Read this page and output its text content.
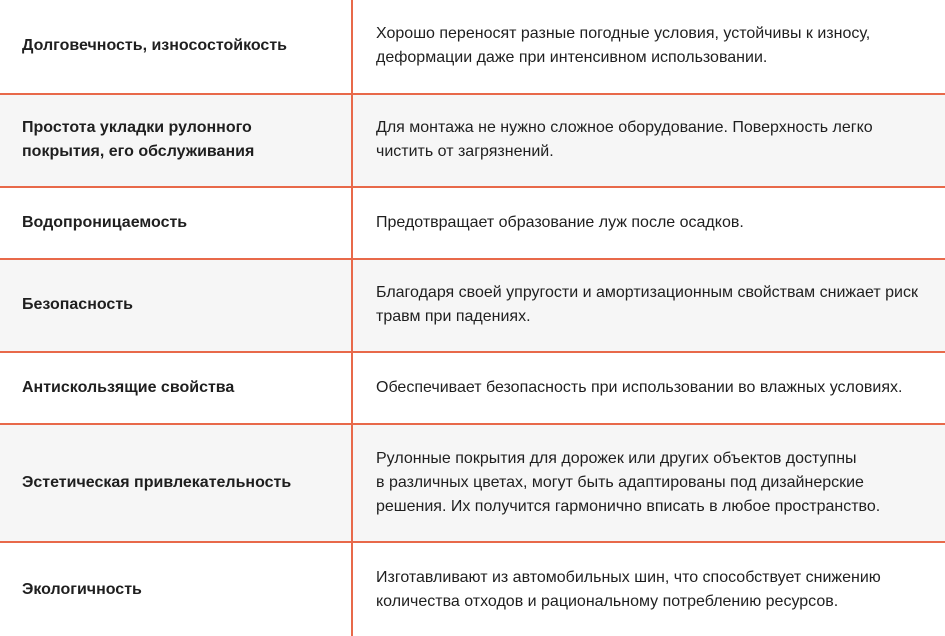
Долговечность, износостойкость	Хорошо переносят разные погодные условия, устойчивы к износу, деформации даже при интенсивном использовании.
Простота укладки рулонного покрытия, его обслуживания	Для монтажа не нужно сложное оборудование. Поверхность легко чистить от загрязнений.
Водопроницаемость	Предотвращает образование луж после осадков.
Безопасность	Благодаря своей упругости и амортизационным свойствам снижает риск травм при падениях.
Антискользящие свойства	Обеспечивает безопасность при использовании во влажных условиях.
Эстетическая привлекательность	Рулонные покрытия для дорожек или других объектов доступны
в различных цветах, могут быть адаптированы под дизайнерские решения. Их получится гармонично вписать в любое пространство.
Экологичность	Изготавливают из автомобильных шин, что способствует снижению количества отходов и рациональному потреблению ресурсов.
